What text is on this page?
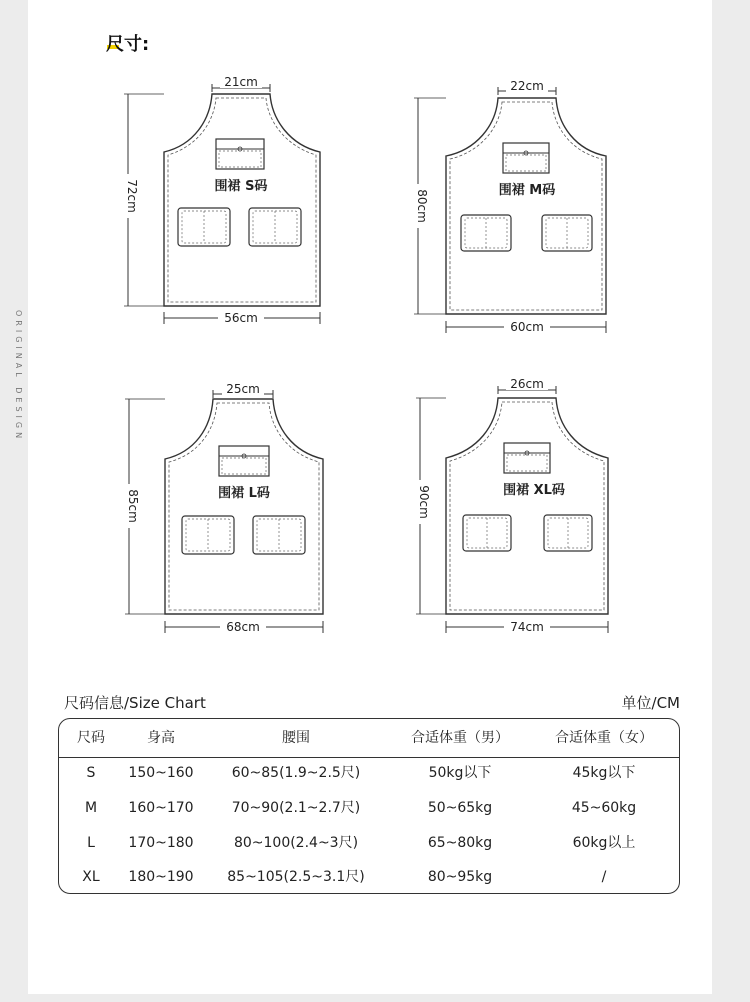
ORIGINAL DESIGN
尺寸:
围裙 S码
21cm
72cm
56cm
围裙 M码
22cm
80cm
60cm
围裙 L码
25cm
85cm
68cm
围裙 XL码
26cm
90cm
74cm
尺码信息/Size Chart	单位/CM
尺码	身高	腰围	合适体重（男）	合适体重（女）
S	150~160	60~85(1.9~2.5尺)	50kg以下	45kg以下
M	160~170	70~90(2.1~2.7尺)	50~65kg	45~60kg
L	170~180	80~100(2.4~3尺)	65~80kg	60kg以上
XL	180~190	85~105(2.5~3.1尺)	80~95kg	/
